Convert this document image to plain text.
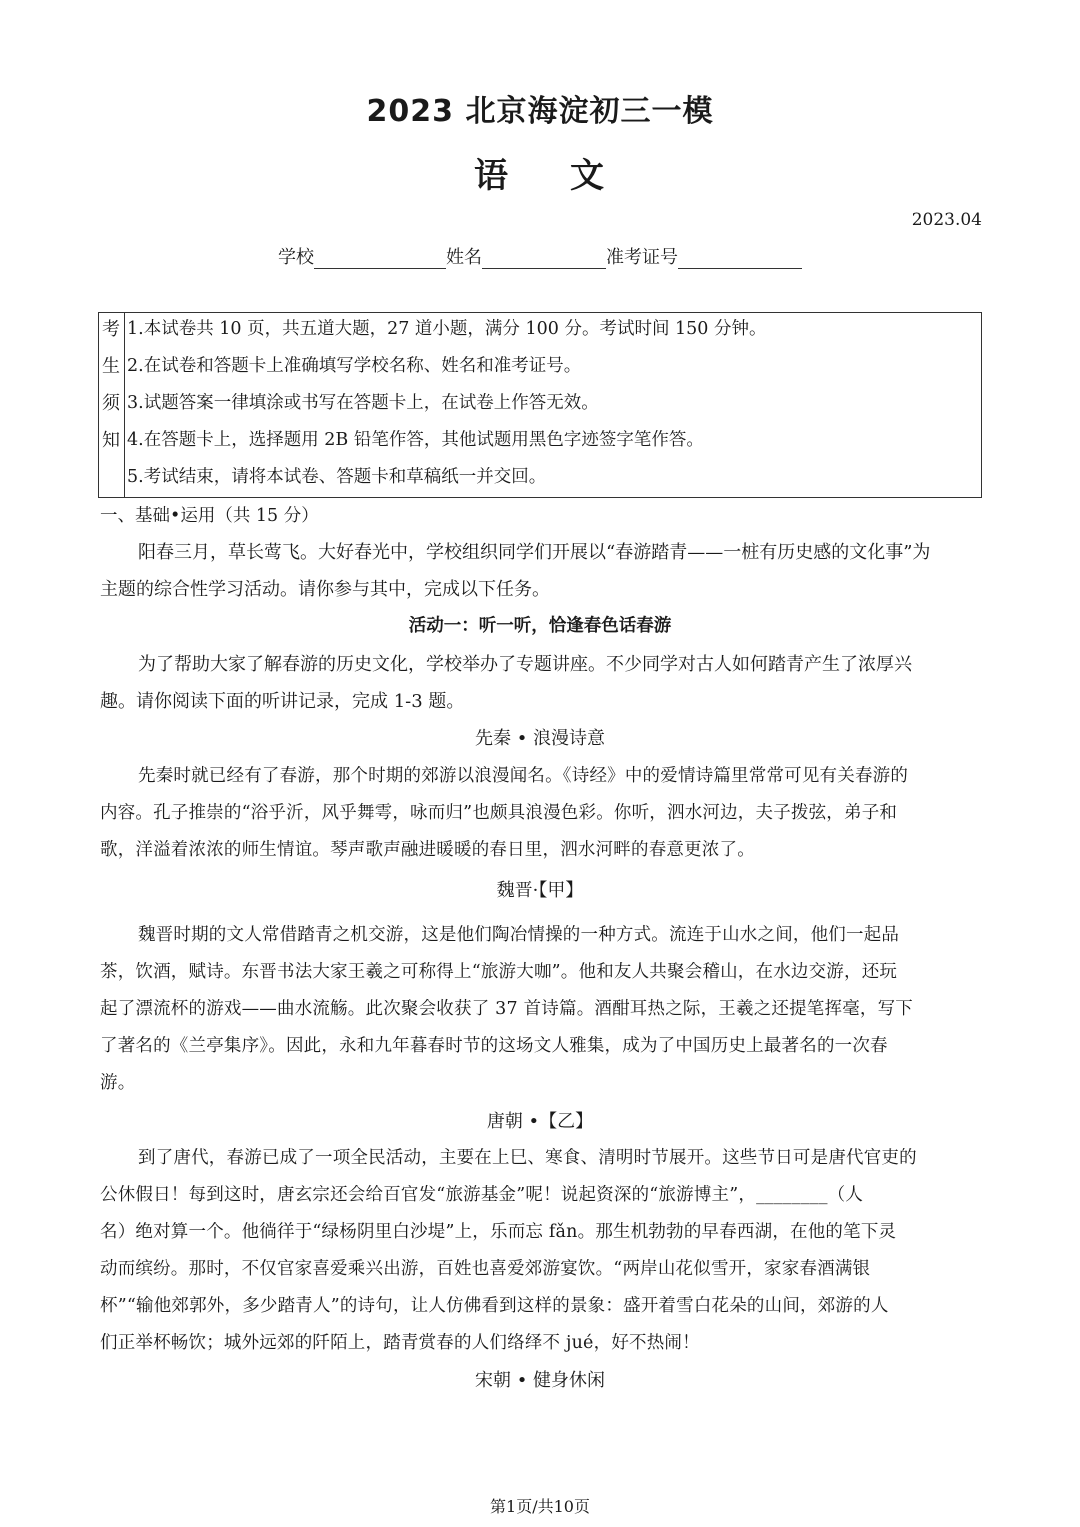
2023 北京海淀初三一模
语 文
2023.04
学校	姓名	准考证号
考
生
须
知
1.本试卷共 10 页，共五道大题，27 道小题，满分 100 分。考试时间 150 分钟。
2.在试卷和答题卡上准确填写学校名称、姓名和准考证号。
3.试题答案一律填涂或书写在答题卡上，在试卷上作答无效。
4.在答题卡上，选择题用 2B 铅笔作答，其他试题用黑色字迹签字笔作答。
5.考试结束，请将本试卷、答题卡和草稿纸一并交回。
一、基础•运用（共 15 分）
阳春三月，草长莺飞。大好春光中，学校组织同学们开展以“春游踏青——一桩有历史感的文化事”为
主题的综合性学习活动。请你参与其中，完成以下任务。
活动一：听一听，恰逢春色话春游
为了帮助大家了解春游的历史文化，学校举办了专题讲座。不少同学对古人如何踏青产生了浓厚兴
趣。请你阅读下面的听讲记录，完成 1-3 题。
先秦 • 浪漫诗意
先秦时就已经有了春游，那个时期的郊游以浪漫闻名。《诗经》中的爱情诗篇里常常可见有关春游的
内容。孔子推崇的“浴乎沂，风乎舞雩，咏而归”也颇具浪漫色彩。你听，泗水河边，夫子拨弦，弟子和
歌，洋溢着浓浓的师生情谊。琴声歌声融进暖暖的春日里，泗水河畔的春意更浓了。
魏晋·【甲】
魏晋时期的文人常借踏青之机交游，这是他们陶冶情操的一种方式。流连于山水之间，他们一起品
茶，饮酒，赋诗。东晋书法大家王羲之可称得上“旅游大咖”。他和友人共聚会稽山，在水边交游，还玩
起了漂流杯的游戏——曲水流觞。此次聚会收获了 37 首诗篇。酒酣耳热之际，王羲之还提笔挥毫，写下
了著名的《兰亭集序》。因此，永和九年暮春时节的这场文人雅集，成为了中国历史上最著名的一次春
游。
唐朝 •【乙】
到了唐代，春游已成了一项全民活动，主要在上巳、寒食、清明时节展开。这些节日可是唐代官吏的
公休假日！每到这时，唐玄宗还会给百官发“旅游基金”呢！说起资深的“旅游博主”，________（人
名）绝对算一个。他徜徉于“绿杨阴里白沙堤”上，乐而忘 fǎn。那生机勃勃的早春西湖，在他的笔下灵
动而缤纷。那时，不仅官家喜爱乘兴出游，百姓也喜爱郊游宴饮。“两岸山花似雪开，家家春酒满银
杯”“输他郊郭外，多少踏青人”的诗句，让人仿佛看到这样的景象：盛开着雪白花朵的山间，郊游的人
们正举杯畅饮；城外远郊的阡陌上，踏青赏春的人们络绎不 jué，好不热闹！
宋朝 • 健身休闲
第1页/共10页
